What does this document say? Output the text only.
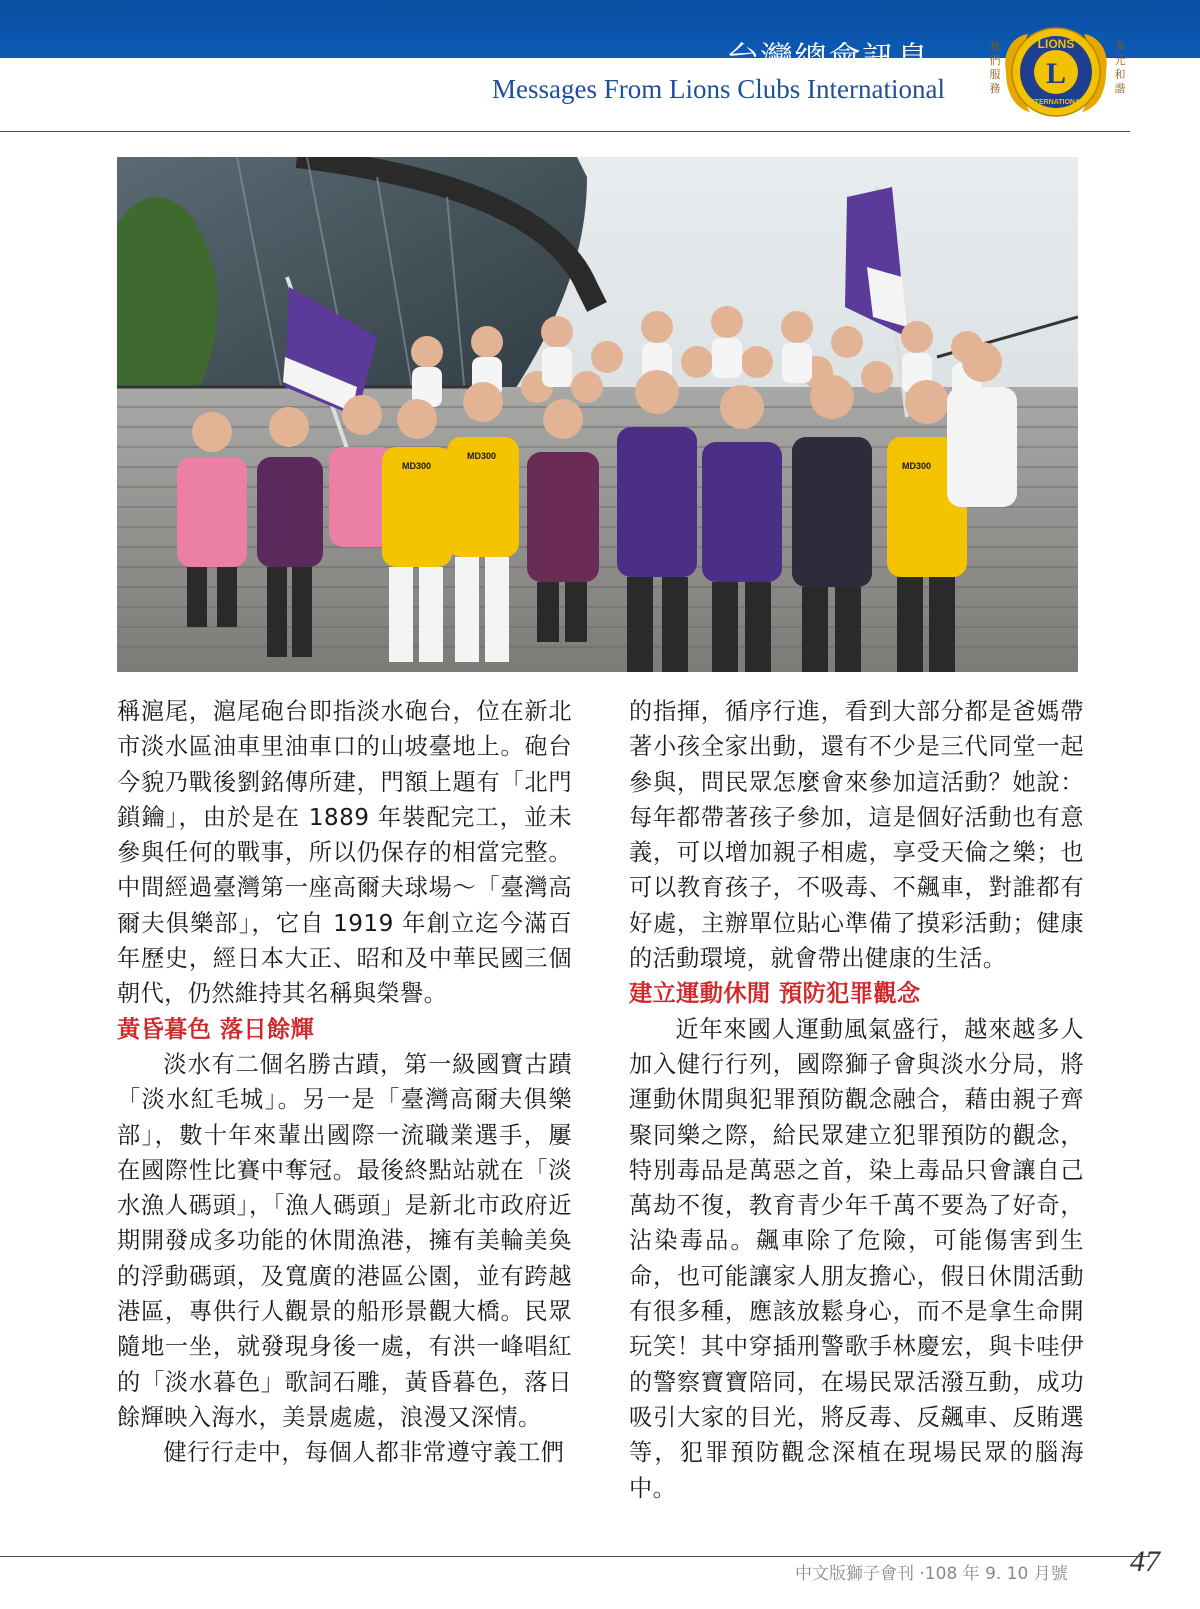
台灣總會訊息
Messages From Lions Clubs International
我
們
服
務
多
元
和
諧
L
LIONS
INTERNATIONAL
MD300
MD300
MD300

稱滬尾，滬尾砲台即指淡水砲台，位在新北市淡水區油車里油車口的山坡臺地上。砲台今貌乃戰後劉銘傳所建，門額上題有「北門鎖鑰」，由於是在 1889 年裝配完工，並未參與任何的戰事，所以仍保存的相當完整。中間經過臺灣第一座高爾夫球場～「臺灣高爾夫俱樂部」，它自 1919 年創立迄今滿百年歷史，經日本大正、昭和及中華民國三個朝代，仍然維持其名稱與榮譽。

黃昏暮色 落日餘輝

淡水有二個名勝古蹟，第一級國寶古蹟「淡水紅毛城」。另一是「臺灣高爾夫俱樂部」，數十年來輩出國際一流職業選手，屢在國際性比賽中奪冠。最後終點站就在「淡水漁人碼頭」，「漁人碼頭」是新北市政府近期開發成多功能的休閒漁港，擁有美輪美奐的浮動碼頭，及寬廣的港區公園，並有跨越港區，專供行人觀景的船形景觀大橋。民眾隨地一坐，就發現身後一處，有洪一峰唱紅的「淡水暮色」歌詞石雕，黃昏暮色，落日餘輝映入海水，美景處處，浪漫又深情。

健行行走中，每個人都非常遵守義工們

的指揮，循序行進，看到大部分都是爸媽帶著小孩全家出動，還有不少是三代同堂一起參與，問民眾怎麼會來參加這活動？她說：每年都帶著孩子參加，這是個好活動也有意義，可以增加親子相處，享受天倫之樂；也可以教育孩子，不吸毒、不飆車，對誰都有好處，主辦單位貼心準備了摸彩活動；健康的活動環境，就會帶出健康的生活。

建立運動休閒 預防犯罪觀念

近年來國人運動風氣盛行，越來越多人加入健行行列，國際獅子會與淡水分局，將運動休閒與犯罪預防觀念融合，藉由親子齊聚同樂之際，給民眾建立犯罪預防的觀念，特別毒品是萬惡之首，染上毒品只會讓自己萬劫不復，教育青少年千萬不要為了好奇，沾染毒品。飆車除了危險，可能傷害到生命，也可能讓家人朋友擔心，假日休閒活動有很多種，應該放鬆身心，而不是拿生命開玩笑！其中穿插刑警歌手林慶宏，與卡哇伊的警察寶寶陪同，在場民眾活潑互動，成功吸引大家的目光，將反毒、反飆車、反賄選等，犯罪預防觀念深植在現場民眾的腦海中。

中文版獅子會刊 ‧108 年 9. 10 月號 47
